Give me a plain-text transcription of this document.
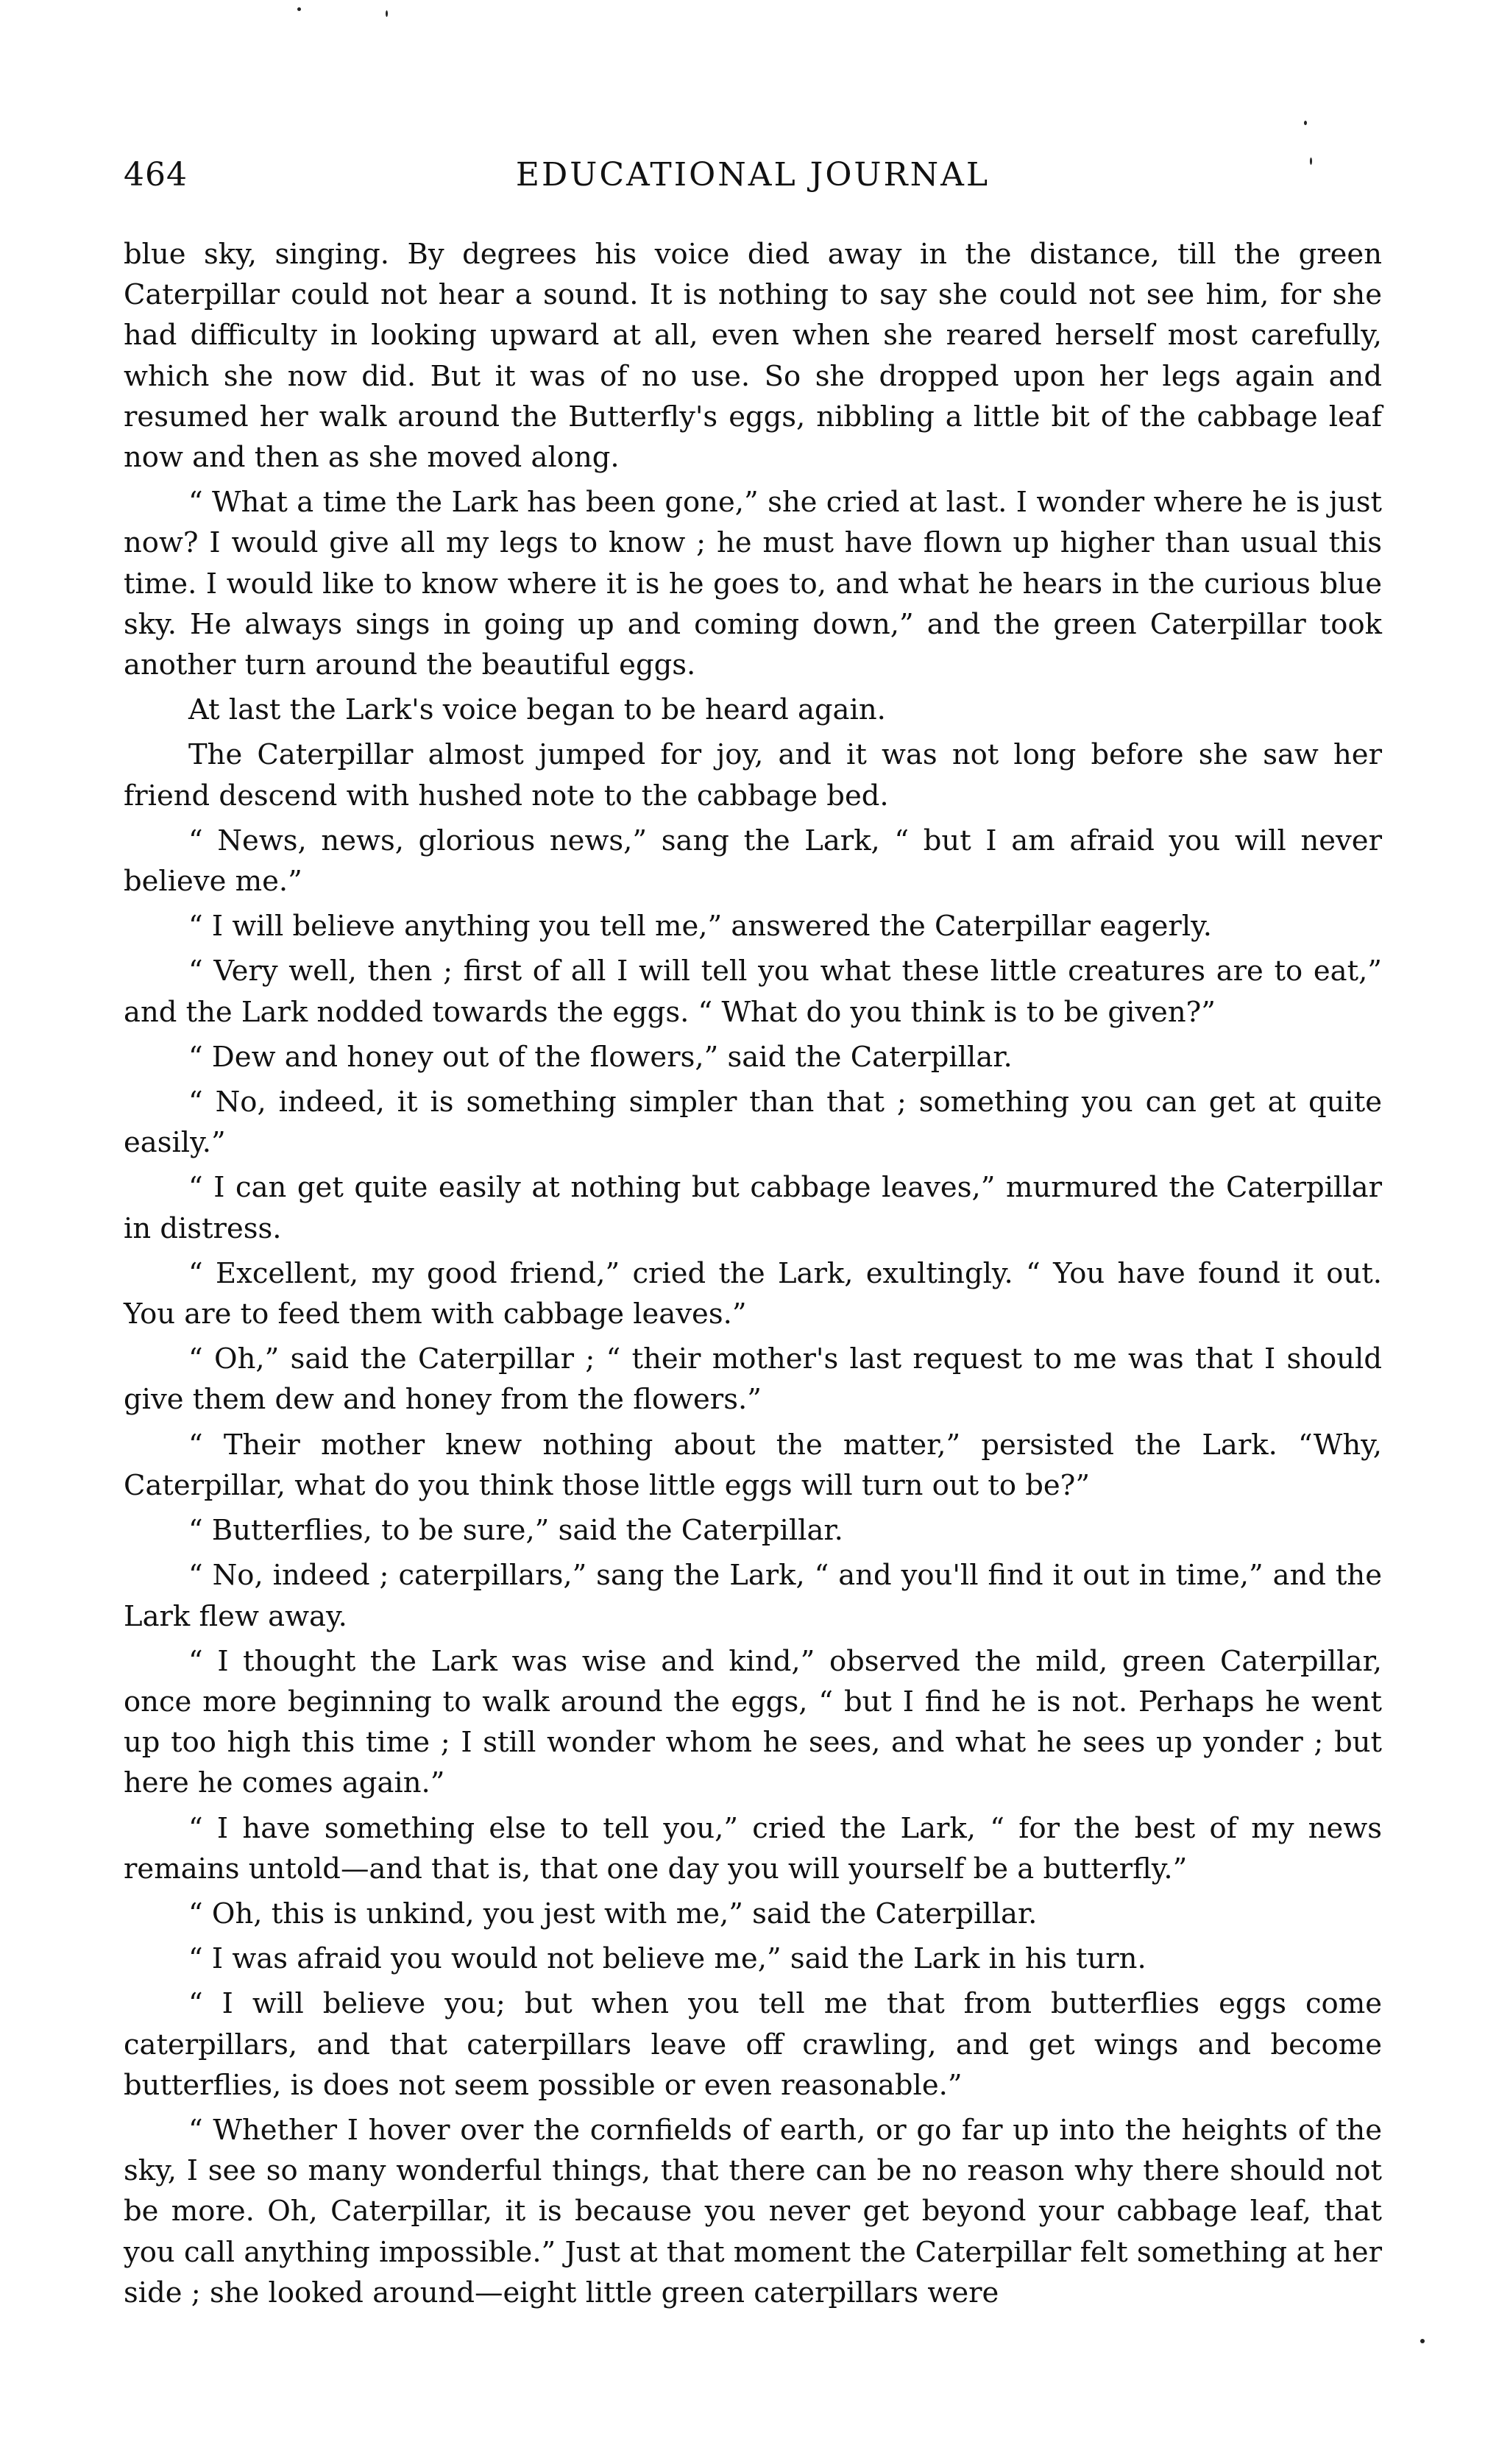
464	EDUCATIONAL JOURNAL

blue sky, singing. By degrees his voice died away in the distance, till the green Caterpillar could not hear a sound. It is nothing to say she could not see him, for she had difficulty in looking upward at all, even when she reared herself most carefully, which she now did. But it was of no use. So she dropped upon her legs again and resumed her walk around the Butterfly's eggs, nibbling a little bit of the cabbage leaf now and then as she moved along.

“ What a time the Lark has been gone,” she cried at last. I wonder where he is just now? I would give all my legs to know ; he must have flown up higher than usual this time. I would like to know where it is he goes to, and what he hears in the curious blue sky. He always sings in going up and coming down,” and the green Caterpillar took another turn around the beautiful eggs.

At last the Lark's voice began to be heard again.

The Caterpillar almost jumped for joy, and it was not long before she saw her friend descend with hushed note to the cabbage bed.

“ News, news, glorious news,” sang the Lark, “ but I am afraid you will never believe me.”

“ I will believe anything you tell me,” answered the Caterpillar eagerly.

“ Very well, then ; first of all I will tell you what these little creatures are to eat,” and the Lark nodded towards the eggs. “ What do you think is to be given?”

“ Dew and honey out of the flowers,” said the Caterpillar.

“ No, indeed, it is something simpler than that ; something you can get at quite easily.”

“ I can get quite easily at nothing but cabbage leaves,” murmured the Caterpillar in distress.

“ Excellent, my good friend,” cried the Lark, exultingly. “ You have found it out. You are to feed them with cabbage leaves.”

“ Oh,” said the Caterpillar ; “ their mother's last request to me was that I should give them dew and honey from the flowers.”

“ Their mother knew nothing about the matter,” persisted the Lark. “Why, Caterpillar, what do you think those little eggs will turn out to be?”

“ Butterflies, to be sure,” said the Caterpillar.

“ No, indeed ; caterpillars,” sang the Lark, “ and you'll find it out in time,” and the Lark flew away.

“ I thought the Lark was wise and kind,” observed the mild, green Caterpillar, once more beginning to walk around the eggs, “ but I find he is not. Perhaps he went up too high this time ; I still wonder whom he sees, and what he sees up yonder ; but here he comes again.”

“ I have something else to tell you,” cried the Lark, “ for the best of my news remains untold—and that is, that one day you will yourself be a butterfly.”

“ Oh, this is unkind, you jest with me,” said the Caterpillar.

“ I was afraid you would not believe me,” said the Lark in his turn.

“ I will believe you; but when you tell me that from butterflies eggs come caterpillars, and that caterpillars leave off crawling, and get wings and become butterflies, is does not seem possible or even reasonable.”

“ Whether I hover over the cornfields of earth, or go far up into the heights of the sky, I see so many wonderful things, that there can be no reason why there should not be more. Oh, Caterpillar, it is because you never get beyond your cabbage leaf, that you call anything impossible.” Just at that moment the Caterpillar felt something at her side ; she looked around—eight little green caterpillars were
